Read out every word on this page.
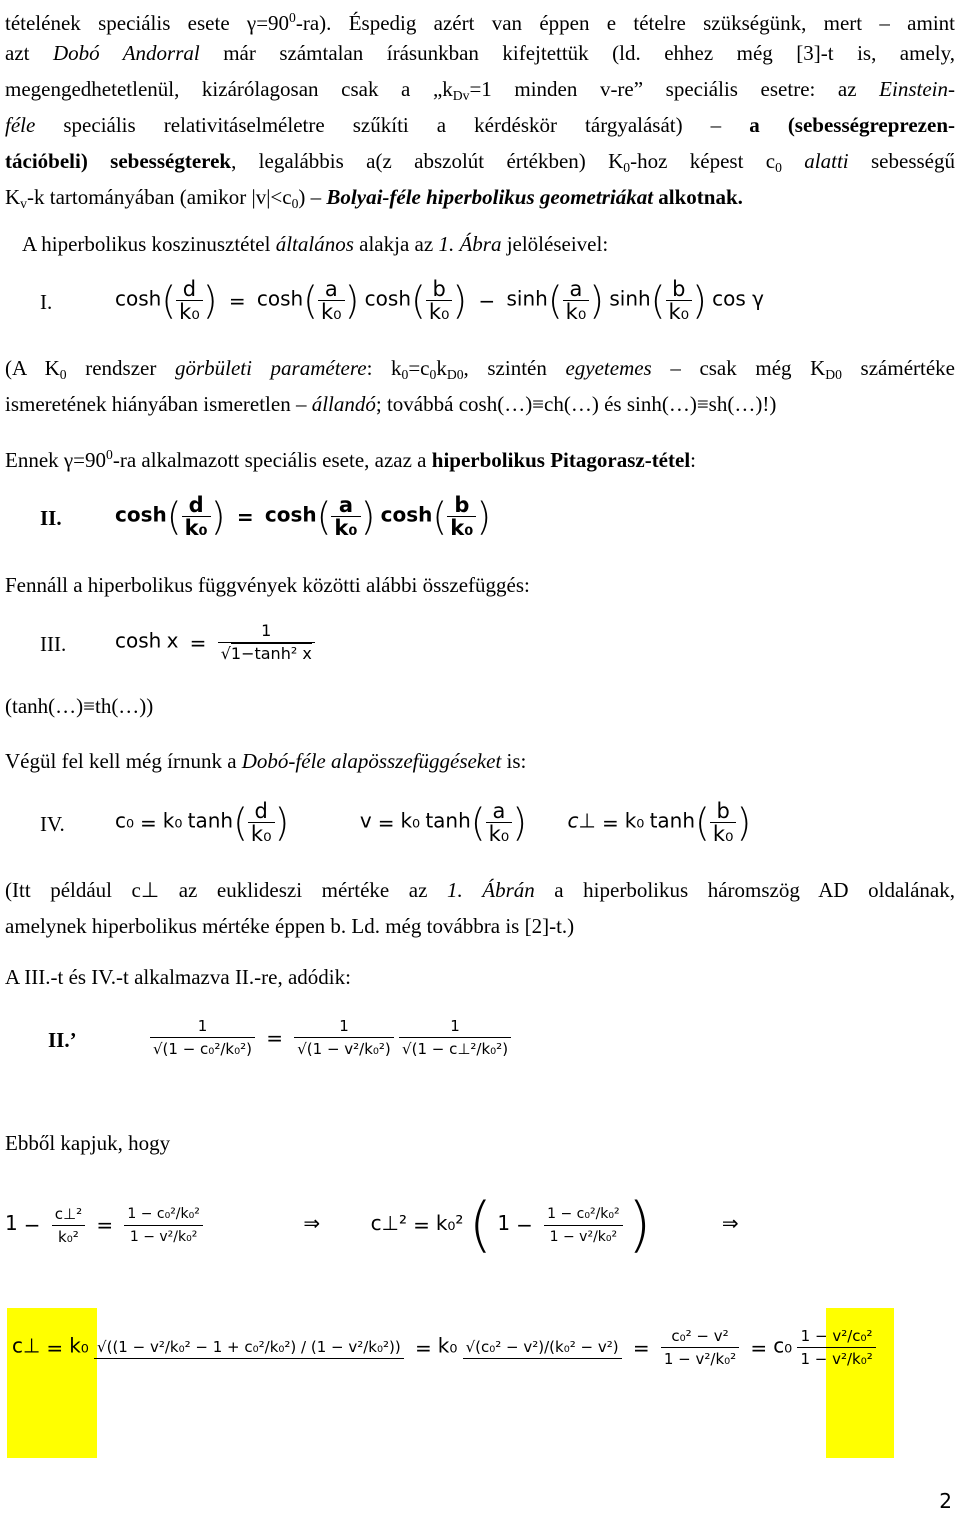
tételének speciális esete $\gamma=90^0-ra$). Éspedig azért van éppen e tételre szükségünk, mert – amint
azt Dobó Andorral már számtalan írásunkban kifejtettük (ld. ehhez még [3]-t is, amely,
megengedhetetlenül, kizárólagosan csak a $„k_{Dv}=1$ minden v-re” speciális esetre: az Einstein-
féle speciális relativitáselméletre szűkíti a kérdéskör tárgyalását) – a (sebességreprezen-
tációbeli) sebességterek, legalábbis a(z abszolút értékben) $K_0$-hoz képest $c_0$ alatti sebességű
$K_v-k$ tartományában (amikor $|v|<c_0$) – Bolyai-féle hiperbolikus geometriákat alkotnak.
A hiperbolikus koszinusztétel általános alakja az 1. Ábra jelöléseivel:
I.	$\cosh( \frac{d}{\text{k₀}}$ ) = $\cosh( \frac{a}{\text{k₀}}$ ) $\cosh( \frac{b}{\text{k₀}}$ ) − $\sinh( \frac{a}{\text{k₀}}$ ) $\sinh( \frac{b}{\text{k₀}}$ ) cos γ
(A $K_0$ rendszer görbületi paramétere: $k_0=c_0k_{D0}$, szintén egyetemes – csak még $K_{D0}$ számértéke
ismeretének hiányában ismeretlen – állandó; továbbá cosh(…)≡ch(…) és sinh(…)≡sh(…)!)
Ennek $\gamma=90^0-ra$ alkalmazott speciális esete, azaz a hiperbolikus Pitagorasz-tétel:
II.	$\cosh( \frac{d}{\text{k₀}}$ ) = $\cosh( \frac{a}{\text{k₀}}$ ) $\cosh( \frac{b}{\text{k₀}}$ )
Fennáll a hiperbolikus függvények közötti alábbi összefüggés:
III. $\cosh x = \frac{1}{\text{√1−tanh² x}}$
(tanh(…)≡th(…))
Végül fel kell még írnunk a Dobó-féle alapösszefüggéseket is:
IV.	c₀ = k₀ $\tanh( \frac{d}{\text{k₀}}$ )	v = k₀ $\tanh( \frac{a}{\text{k₀}}$ ) c⊥ = k₀ $\tanh( \frac{b}{\text{k₀}}$ )
(Itt például c⊥ az euklideszi mértéke az 1. Ábrán a hiperbolikus háromszög AD oldalának,
amelynek hiperbolikus mértéke éppen b. Ld. még továbbra is [2]-t.)
A III.-t és IV.-t alkalmazva II.-re, adódik:
II.’	$\frac{1}{\text{√(1 − c₀²/k₀²)}} = \frac{1}{\text{√(1 − v²/k₀²)}}$
$\frac{1}{\text{√(1 − c⊥²/k₀²)}}$
Ebből kapjuk, hogy
$1 - \frac{\text{c⊥²}}{\text{k₀²}} = \frac{\text{1 − c₀²/k₀²}}{\text{1 − v²/k₀²}}$	⇒	c⊥² = k₀² ( $1 - \frac{\text{1 − c₀²/k₀²}}{\text{1 − v²/k₀²}}$ )	⇒
c⊥ = k₀ √((1 − v²/k₀² − 1 + c₀²/k₀²) / (1 − v²/k₀²)) = k₀ $√(c_0^2 - v^2)/(k_0^2 - v^2) = \frac{\text{c₀² − v²}}{\text{1 − v²/k₀²}} = c_0 \frac{\text{1 − v²/c₀²}}{\text{1 − v²/k₀²}}$
2
